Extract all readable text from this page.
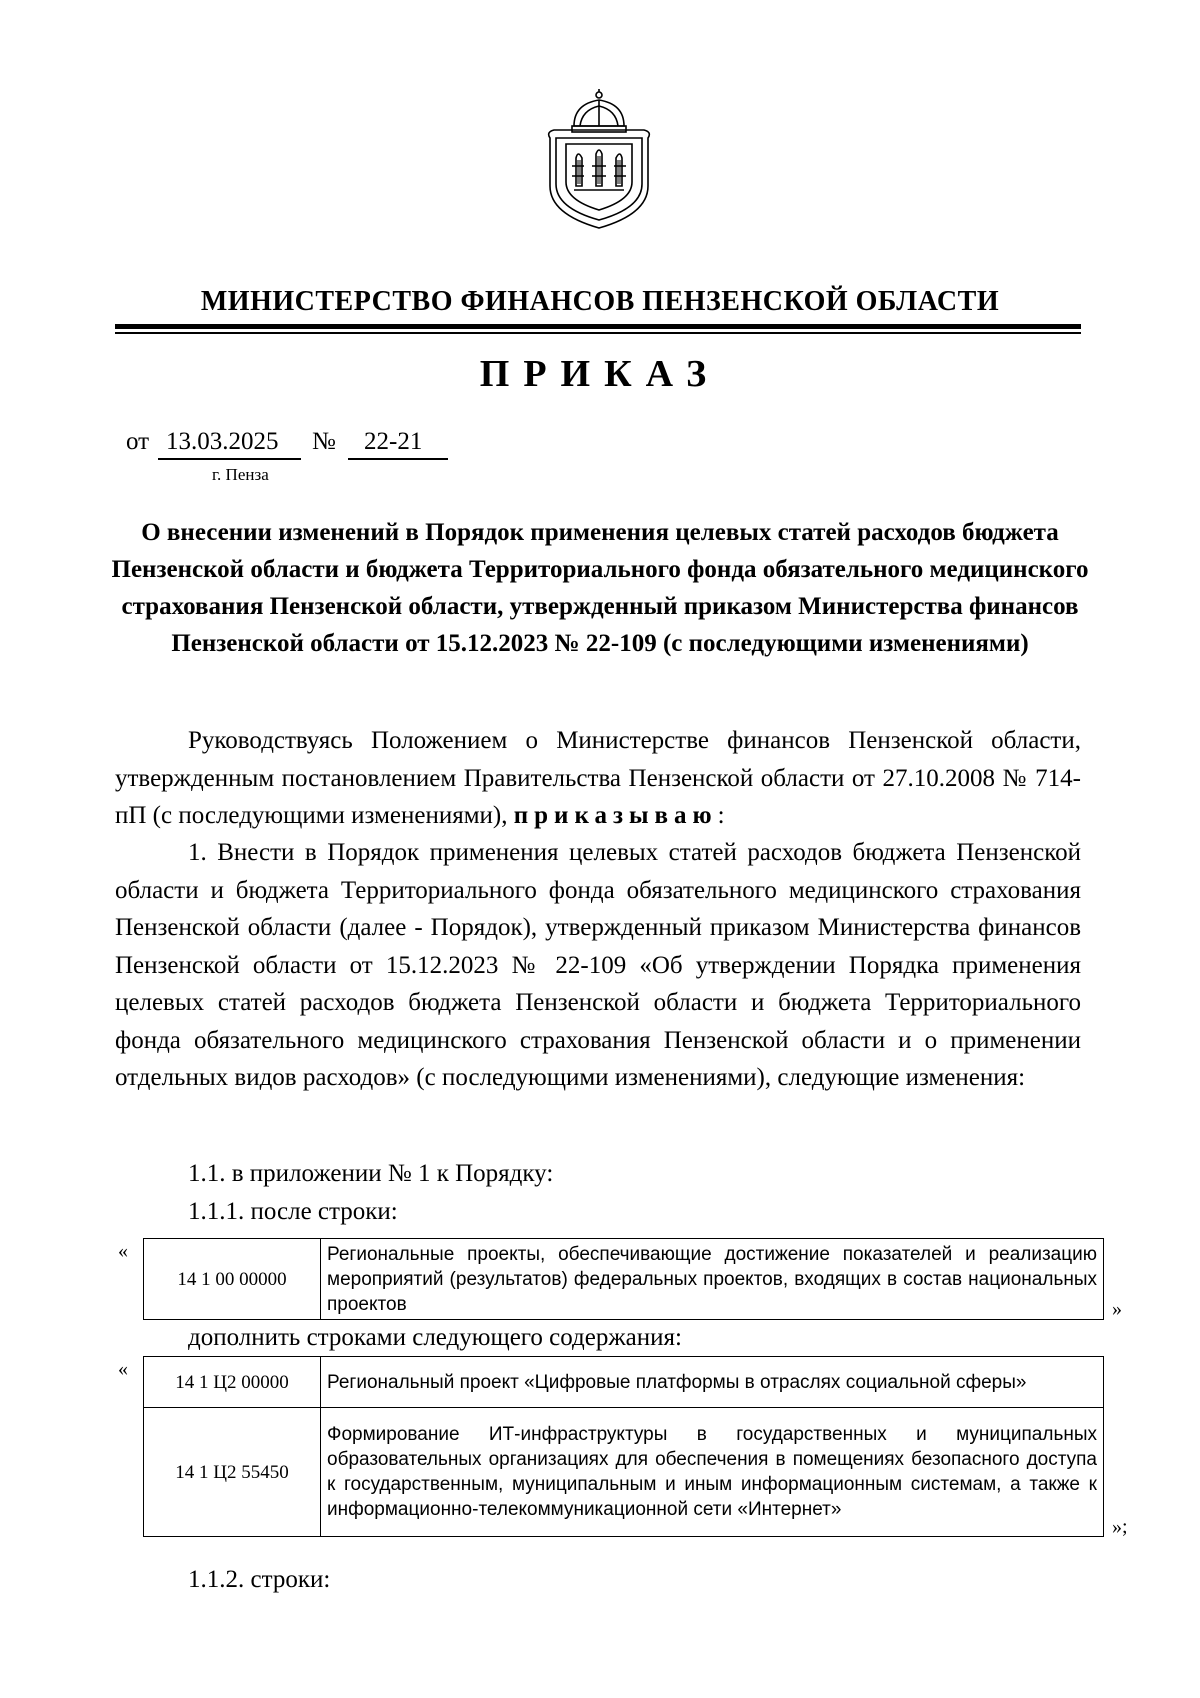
МИНИСТЕРСТВО ФИНАНСОВ ПЕНЗЕНСКОЙ ОБЛАСТИ
ПРИКАЗ
от 13.03.2025 № 22-21
г. Пенза
О внесении изменений в Порядок применения целевых статей расходов бюджета Пензенской области и бюджета Территориального фонда обязательного медицинского страхования Пензенской области, утвержденный приказом Министерства финансов Пензенской области от 15.12.2023 № 22-109 (с последующими изменениями)
Руководствуясь Положением о Министерстве финансов Пензенской области, утвержденным постановлением Правительства Пензенской области от 27.10.2008 № 714-пП (с последующими изменениями), приказываю:
1. Внести в Порядок применения целевых статей расходов бюджета Пензенской области и бюджета Территориального фонда обязательного медицинского страхования Пензенской области (далее - Порядок), утвержденный приказом Министерства финансов Пензенской области от 15.12.2023 № 22-109 «Об утверждении Порядка применения целевых статей расходов бюджета Пензенской области и бюджета Территориального фонда обязательного медицинского страхования Пензенской области и о применении отдельных видов расходов» (с последующими изменениями), следующие изменения:
1.1. в приложении № 1 к Порядку:
1.1.1. после строки:
«
14 1 00 00000	Региональные проекты, обеспечивающие достижение показателей и реализацию мероприятий (результатов) федеральных проектов, входящих в состав национальных проектов	»
дополнить строками следующего содержания:
«
14 1 Ц2 00000	Региональный проект «Цифровые платформы в отраслях социальной сферы»
14 1 Ц2 55450	Формирование ИТ-инфраструктуры в государственных и муниципальных образовательных организациях для обеспечения в помещениях безопасного доступа к государственным, муниципальным и иным информационным системам, а также к информационно-телекоммуникационной сети «Интернет»
»;
1.1.2. строки:
